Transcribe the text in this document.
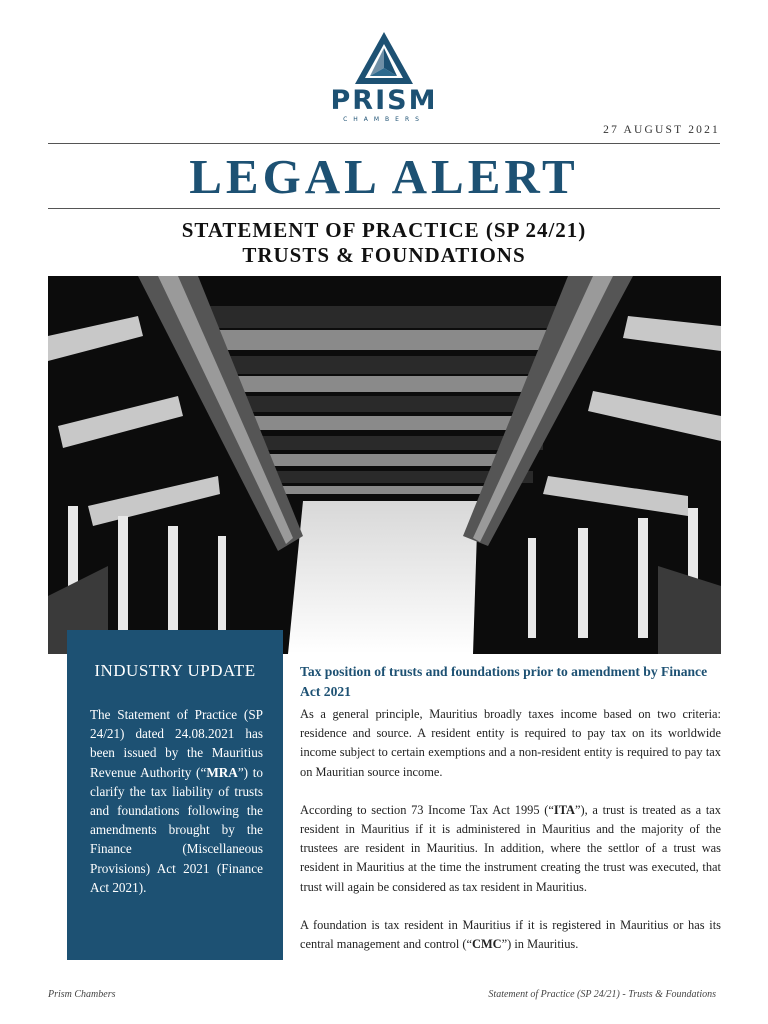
PRISM
CHAMBERS
27 AUGUST 2021
LEGAL ALERT
STATEMENT OF PRACTICE (SP 24/21)
TRUSTS & FOUNDATIONS
INDUSTRY UPDATE

The Statement of Practice (SP 24/21) dated 24.08.2021 has been issued by the Mauritius Revenue Authority (“MRA”) to clarify the tax liability of trusts and foundations following the amendments brought by the Finance (Miscellaneous Provisions) Act 2021 (Finance Act 2021).

Tax position of trusts and foundations prior to amendment by Finance Act 2021

As a general principle, Mauritius broadly taxes income based on two criteria: residence and source. A resident entity is required to pay tax on its worldwide income subject to certain exemptions and a non-resident entity is required to pay tax on Mauritian source income.

According to section 73 Income Tax Act 1995 (“ITA”), a trust is treated as a tax resident in Mauritius if it is administered in Mauritius and the majority of the trustees are resident in Mauritius. In addition, where the settlor of a trust was resident in Mauritius at the time the instrument creating the trust was executed, that trust will again be considered as tax resident in Mauritius.

A foundation is tax resident in Mauritius if it is registered in Mauritius or has its central management and control (“CMC”) in Mauritius.

Prism Chambers	Statement of Practice (SP 24/21) - Trusts & Foundations
